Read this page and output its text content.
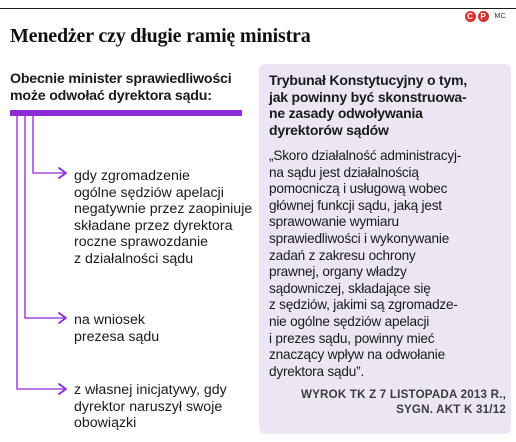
C P	MC
Menedżer czy długie ramię ministra
Obecnie minister sprawiedliwości
może odwołać dyrektora sądu:
gdy zgromadzenie
ogólne sędziów apelacji
negatywnie przez zaopiniuje
składane przez dyrektora
roczne sprawozdanie
z działalności sądu
na wniosek
prezesa sądu
z własnej inicjatywy, gdy
dyrektor naruszył swoje
obowiązki
Trybunał Konstytucyjny o tym,
jak powinny być skonstruowa-
ne zasady odwoływania
dyrektorów sądów
„Skoro działalność administracyj-
na sądu jest działalnością
pomocniczą i usługową wobec
głównej funkcji sądu, jaką jest
sprawowanie wymiaru
sprawiedliwości i wykonywanie
zadań z zakresu ochrony
prawnej, organy władzy
sądowniczej, składające się
z sędziów, jakimi są zgromadze-
nie ogólne sędziów apelacji
i prezes sądu, powinny mieć
znaczący wpływ na odwołanie
dyrektora sądu”.
WYROK TK Z 7 LISTOPADA 2013 R.,
SYGN. AKT K 31/12
